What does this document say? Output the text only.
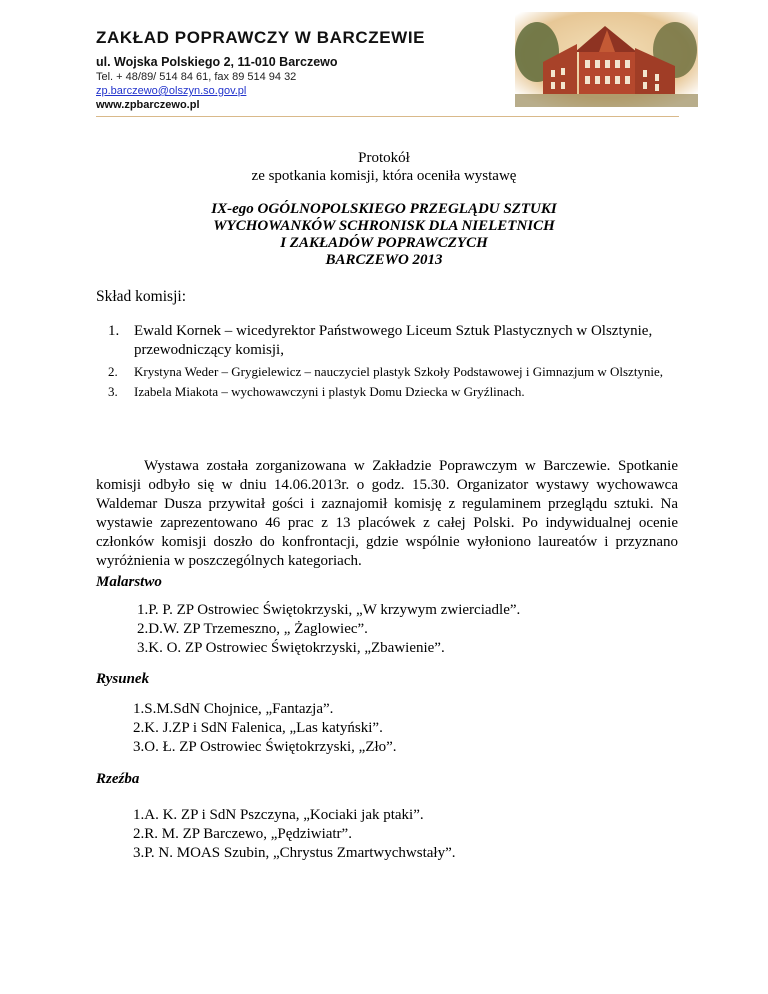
ZAKŁAD POPRAWCZY W BARCZEWIE
ul. Wojska Polskiego 2, 11-010 Barczewo
Tel. + 48/89/ 514 84 61, fax 89 514 94 32
zp.barczewo@olszyn.so.gov.pl
www.zpbarczewo.pl
Protokół
ze spotkania komisji, która oceniła wystawę
IX-ego OGÓLNOPOLSKIEGO PRZEGLĄDU SZTUKI
WYCHOWANKÓW SCHRONISK DLA NIELETNICH
I ZAKŁADÓW POPRAWCZYCH
BARCZEWO 2013
Skład komisji:
1. Ewald Kornek – wicedyrektor Państwowego Liceum Sztuk Plastycznych w Olsztynie, przewodniczący komisji,
2. Krystyna Weder – Grygielewicz – nauczyciel plastyk Szkoły Podstawowej i Gimnazjum w Olsztynie,
3. Izabela Miakota – wychowawczyni i plastyk Domu Dziecka w Gryźlinach.
Wystawa została zorganizowana w Zakładzie Poprawczym w Barczewie. Spotkanie komisji odbyło się w dniu 14.06.2013r. o godz. 15.30. Organizator wystawy wychowawca Waldemar Dusza przywitał gości i zaznajomił komisję z regulaminem przeglądu sztuki. Na wystawie zaprezentowano 46 prac z 13 placówek z całej Polski. Po indywidualnej ocenie członków komisji doszło do konfrontacji, gdzie wspólnie wyłoniono laureatów i przyznano wyróżnienia w poszczególnych kategoriach.
Malarstwo
1.P. P. ZP Ostrowiec Świętokrzyski, „W krzywym zwierciadle”.
2.D.W. ZP Trzemeszno, „ Żaglowiec”.
3.K. O. ZP Ostrowiec Świętokrzyski, „Zbawienie”.
Rysunek
1.S.M.SdN Chojnice, „Fantazja”.
2.K. J.ZP i SdN Falenica, „Las katyński”.
3.O. Ł. ZP Ostrowiec Świętokrzyski, „Zło”.
Rzeźba
1.A. K. ZP i SdN Pszczyna, „Kociaki jak ptaki”.
2.R. M. ZP Barczewo, „Pędziwiatr”.
3.P. N. MOAS Szubin, „Chrystus Zmartwychwstały”.
